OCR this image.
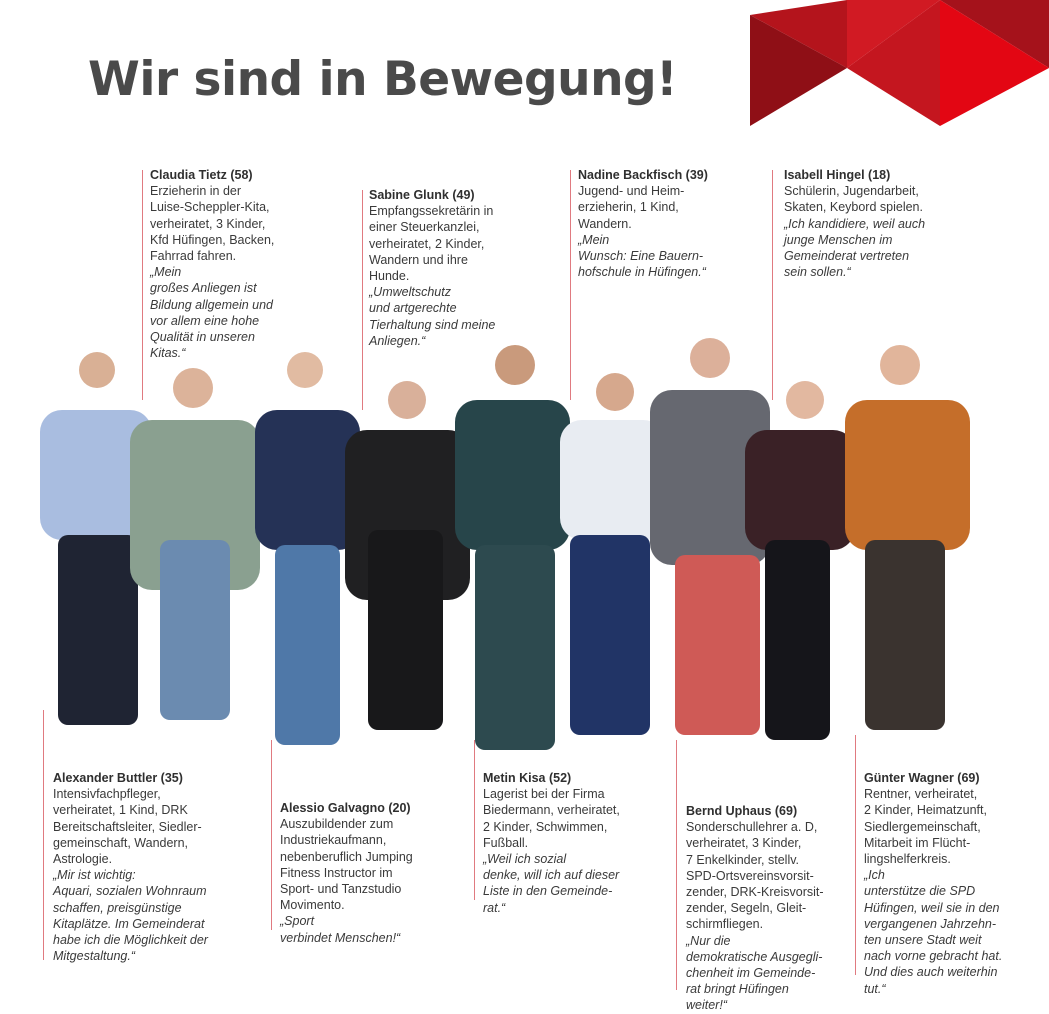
Wir sind in Bewegung!
Claudia Tietz (58)
Erzieherin in der
Luise-Scheppler-Kita,
verheiratet, 3 Kinder,
Kfd Hüfingen, Backen,
Fahrrad fahren.
„Mein
großes Anliegen ist
Bildung allgemein und
vor allem eine hohe
Qualität in unseren
Kitas.“
Sabine Glunk (49)
Empfangssekretärin in
einer Steuerkanzlei,
verheiratet, 2 Kinder,
Wandern und ihre
Hunde.
„Umweltschutz
und artgerechte
Tierhaltung sind meine
Anliegen.“
Nadine Backfisch (39)
Jugend- und Heim-
erzieherin, 1 Kind,
Wandern.
„Mein
Wunsch: Eine Bauern-
hofschule in Hüfingen.“
Isabell Hingel (18)
Schülerin, Jugendarbeit,
Skaten, Keybord spielen.
„Ich kandidiere, weil auch
junge Menschen im
Gemeinderat vertreten
sein sollen.“
Alexander Buttler (35)
Intensivfachpfleger,
verheiratet, 1 Kind, DRK
Bereitschaftsleiter, Siedler-
gemeinschaft, Wandern,
Astrologie.
„Mir ist wichtig:
Aquari, sozialen Wohnraum
schaffen, preisgünstige
Kitaplätze. Im Gemeinderat
habe ich die Möglichkeit der
Mitgestaltung.“
Alessio Galvagno (20)
Auszubildender zum
Industriekaufmann,
nebenberuflich Jumping
Fitness Instructor im
Sport- und Tanzstudio
Movimento.
„Sport
verbindet Menschen!“
Metin Kisa (52)
Lagerist bei der Firma
Biedermann, verheiratet,
2 Kinder, Schwimmen,
Fußball.
„Weil ich sozial
denke, will ich auf dieser
Liste in den Gemeinde-
rat.“
Bernd Uphaus (69)
Sonderschullehrer a. D,
verheiratet, 3 Kinder,
7 Enkelkinder, stellv.
SPD-Ortsvereinsvorsit-
zender, DRK-Kreisvorsit-
zender, Segeln, Gleit-
schirmfliegen.
„Nur die
demokratische Ausgegli-
chenheit im Gemeinde-
rat bringt Hüfingen
weiter!“
Günter Wagner (69)
Rentner, verheiratet,
2 Kinder, Heimatzunft,
Siedlergemeinschaft,
Mitarbeit im Flücht-
lingshelferkreis.
„Ich
unterstütze die SPD
Hüfingen, weil sie in den
vergangenen Jahrzehn-
ten unsere Stadt weit
nach vorne gebracht hat.
Und dies auch weiterhin
tut.“
